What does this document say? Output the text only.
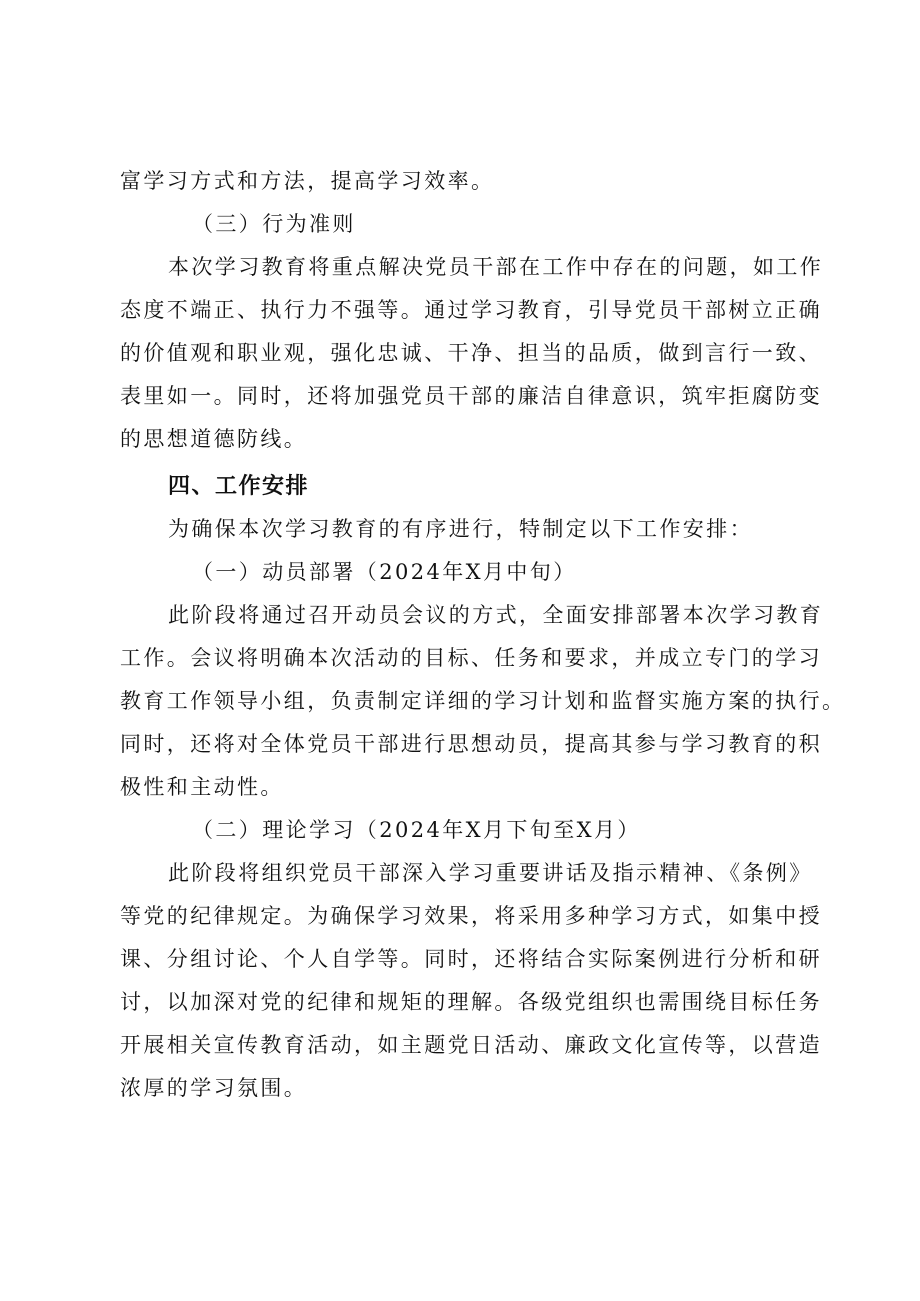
富学习方式和方法，提高学习效率。
（三）行为准则
本次学习教育将重点解决党员干部在工作中存在的问题，如工作
态度不端正、执行力不强等。通过学习教育，引导党员干部树立正确
的价值观和职业观，强化忠诚、干净、担当的品质，做到言行一致、
表里如一。同时，还将加强党员干部的廉洁自律意识，筑牢拒腐防变
的思想道德防线。
四、工作安排
为确保本次学习教育的有序进行，特制定以下工作安排：
（一）动员部署（2024年X月中旬）
此阶段将通过召开动员会议的方式，全面安排部署本次学习教育
工作。会议将明确本次活动的目标、任务和要求，并成立专门的学习
教育工作领导小组，负责制定详细的学习计划和监督实施方案的执行。
同时，还将对全体党员干部进行思想动员，提高其参与学习教育的积
极性和主动性。
（二）理论学习（2024年X月下旬至X月）
此阶段将组织党员干部深入学习重要讲话及指示精神、《条例》
等党的纪律规定。为确保学习效果，将采用多种学习方式，如集中授
课、分组讨论、个人自学等。同时，还将结合实际案例进行分析和研
讨，以加深对党的纪律和规矩的理解。各级党组织也需围绕目标任务
开展相关宣传教育活动，如主题党日活动、廉政文化宣传等，以营造
浓厚的学习氛围。
